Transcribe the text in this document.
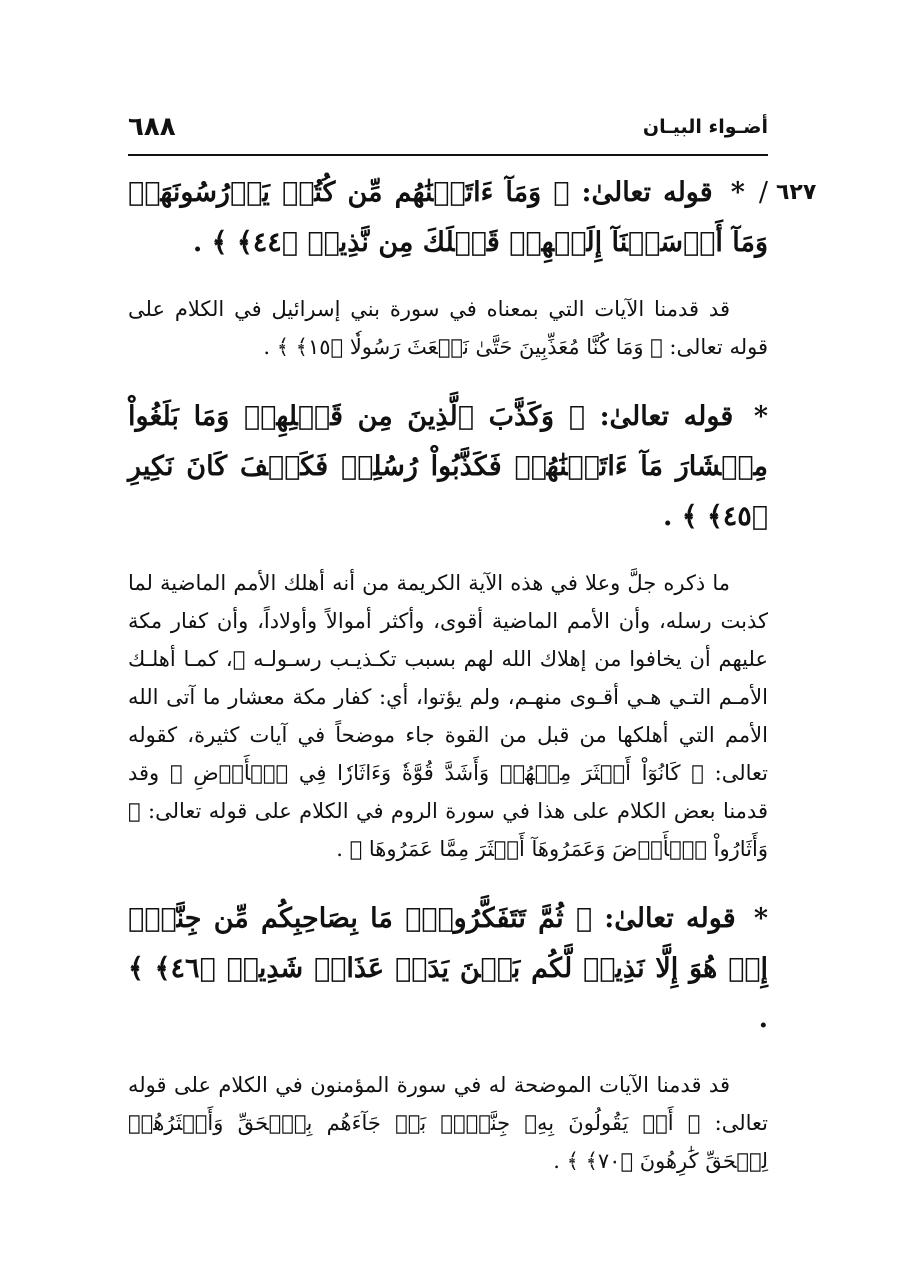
أضـواء البيـان
٦٨٨
٦٢٧

/* قوله تعالىٰ: ﴿ وَمَآ ءَاتَيۡنَٰهُم مِّن كُتُبٖ يَدۡرُسُونَهَاۖ وَمَآ أَرۡسَلۡنَآ إِلَيۡهِمۡ قَبۡلَكَ مِن نَّذِيرٖ ﴿٤٤﴾ ﴾ .

قد قدمنا الآيات التي بمعناه في سورة بني إسرائيل في الكلام على قوله تعالى: ﴿ وَمَا كُنَّا مُعَذِّبِينَ حَتَّىٰ نَبۡعَثَ رَسُولٗا ﴿١٥﴾ ﴾ .

* قوله تعالىٰ: ﴿ وَكَذَّبَ ٱلَّذِينَ مِن قَبۡلِهِمۡ وَمَا بَلَغُواْ مِعۡشَارَ مَآ ءَاتَيۡنَٰهُمۡ فَكَذَّبُواْ رُسُلِيۖ فَكَيۡفَ كَانَ نَكِيرِ ﴿٤٥﴾ ﴾ .

ما ذكره جلَّ وعلا في هذه الآية الكريمة من أنه أهلك الأمم الماضية لما كذبت رسله، وأن الأمم الماضية أقوى، وأكثر أموالاً وأولاداً، وأن كفار مكة عليهم أن يخافوا من إهلاك الله لهم بسبب تكـذيـب رسـولـه ﷺ، كمـا أهلـك الأمـم التـي هـي أقـوى منهـم، ولم يؤتوا، أي: كفار مكة معشار ما آتى الله الأمم التي أهلكها من قبل من القوة جاء موضحاً في آيات كثيرة، كقوله تعالى: ﴿ كَانُوٓاْ أَكۡثَرَ مِنۡهُمۡ وَأَشَدَّ قُوَّةٗ وَءَاثَارٗا فِي ٱلۡأَرۡضِ ﴾ وقد قدمنا بعض الكلام على هذا في سورة الروم في الكلام على قوله تعالى: ﴿ وَأَثَارُواْ ٱلۡأَرۡضَ وَعَمَرُوهَآ أَكۡثَرَ مِمَّا عَمَرُوهَا ﴾ .

* قوله تعالىٰ: ﴿ ثُمَّ تَتَفَكَّرُواْۚ مَا بِصَاحِبِكُم مِّن جِنَّةٍۚ إِنۡ هُوَ إِلَّا نَذِيرٞ لَّكُم بَيۡنَ يَدَيۡ عَذَابٖ شَدِيدٖ ﴿٤٦﴾ ﴾ .

قد قدمنا الآيات الموضحة له في سورة المؤمنون في الكلام على قوله تعالى: ﴿ أَمۡ يَقُولُونَ بِهِۦ جِنَّةُۢۚ بَلۡ جَآءَهُم بِٱلۡحَقِّ وَأَكۡثَرُهُمۡ لِلۡحَقِّ كَٰرِهُونَ ﴿٧٠﴾ ﴾ .
